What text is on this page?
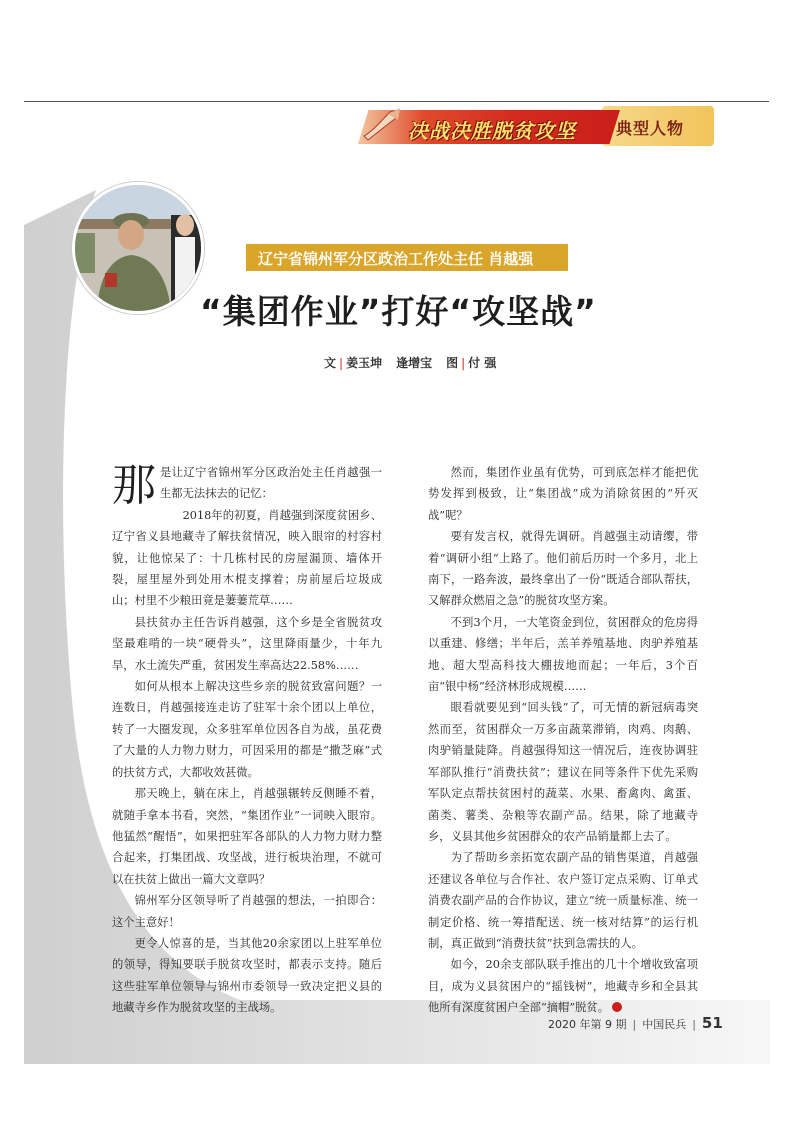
决战决胜脱贫攻坚	典型人物
辽宁省锦州军分区政治工作处主任 肖越强
“集团作业”打好“攻坚战”
文 | 姜玉坤 逢增宝 图 | 付 强

那是让辽宁省锦州军分区政治处主任肖越强一生都无法抹去的记忆：

2018年的初夏，肖越强到深度贫困乡、辽宁省义县地藏寺了解扶贫情况，映入眼帘的村容村貌，让他惊呆了：十几栋村民的房屋漏顶、墙体开裂，屋里屋外到处用木棍支撑着；房前屋后垃圾成山；村里不少粮田竟是萋萋荒草……

县扶贫办主任告诉肖越强，这个乡是全省脱贫攻坚最难啃的一块“硬骨头”，这里降雨量少，十年九旱，水土流失严重，贫困发生率高达22.58%……

如何从根本上解决这些乡亲的脱贫致富问题？一连数日，肖越强接连走访了驻军十余个团以上单位，转了一大圈发现，众多驻军单位因各自为战，虽花费了大量的人力物力财力，可因采用的都是“撒芝麻”式的扶贫方式，大都收效甚微。

那天晚上，躺在床上，肖越强辗转反侧睡不着，就随手拿本书看，突然，“集团作业”一词映入眼帘。他猛然“醒悟”，如果把驻军各部队的人力物力财力整合起来，打集团战、攻坚战，进行板块治理，不就可以在扶贫上做出一篇大文章吗？

锦州军分区领导听了肖越强的想法，一拍即合：这个主意好！

更令人惊喜的是，当其他20余家团以上驻军单位的领导，得知要联手脱贫攻坚时，都表示支持。随后这些驻军单位领导与锦州市委领导一致决定把义县的地藏寺乡作为脱贫攻坚的主战场。

然而，集团作业虽有优势，可到底怎样才能把优势发挥到极致，让“集团战”成为消除贫困的“歼灭战”呢？

要有发言权，就得先调研。肖越强主动请缨，带着“调研小组”上路了。他们前后历时一个多月，北上南下，一路奔波，最终拿出了一份“既适合部队帮扶，又解群众燃眉之急”的脱贫攻坚方案。

不到3个月，一大笔资金到位，贫困群众的危房得以重建、修缮；半年后，羔羊养殖基地、肉驴养殖基地、超大型高科技大棚拔地而起；一年后，3个百亩“银中杨”经济林形成规模……

眼看就要见到“回头钱”了，可无情的新冠病毒突然而至，贫困群众一万多亩蔬菜滞销，肉鸡、肉鹅、肉驴销量陡降。肖越强得知这一情况后，连夜协调驻军部队推行“消费扶贫”；建议在同等条件下优先采购军队定点帮扶贫困村的蔬菜、水果、畜禽肉、禽蛋、菌类、薯类、杂粮等农副产品。结果，除了地藏寺乡，义县其他乡贫困群众的农产品销量都上去了。

为了帮助乡亲拓宽农副产品的销售渠道，肖越强还建议各单位与合作社、农户签订定点采购、订单式消费农副产品的合作协议，建立“统一质量标准、统一制定价格、统一筹措配送、统一核对结算”的运行机制，真正做到“消费扶贫”扶到急需扶的人。

如今，20余支部队联手推出的几十个增收致富项目，成为义县贫困户的“摇钱树”，地藏寺乡和全县其他所有深度贫困户全部“摘帽”脱贫。

2020 年第 9 期 | 中国民兵 | 51
